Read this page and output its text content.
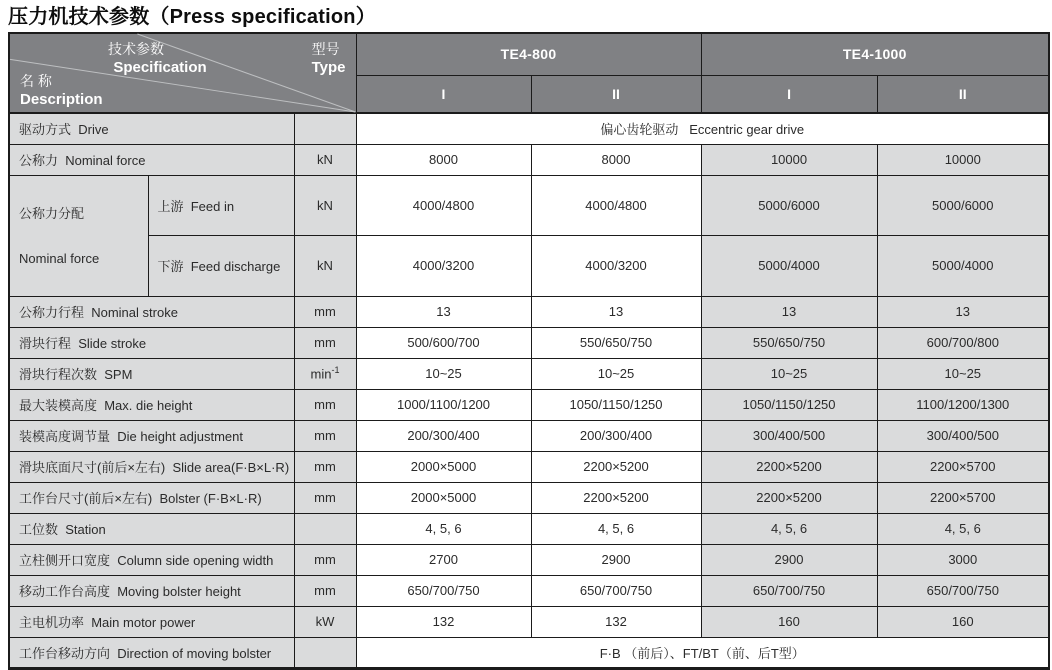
压力机技术参数（Press specification）
技术参数
Specification
型号
Type
名 称
Description
	TE4-800	TE4-1000
			I	II	I	II
驱动方式  Drive			偏心齿轮驱动   Eccentric gear drive			
公称力  Nominal force		kN	8000	8000	10000	10000

公称力分配

Nominal force	上游  Feed in	kN	4000/4800	4000/4800	5000/6000	5000/6000
	下游  Feed discharge	kN	4000/3200	4000/3200	5000/4000	5000/4000
公称力行程  Nominal stroke		mm	13	13	13	13
滑块行程  Slide stroke		mm	500/600/700	550/650/750	550/650/750	600/700/800
滑块行程次数  SPM		$\min^{-1}$	10~25	10~25	10~25	10~25
最大装模高度  Max. die height		mm	1000/1100/1200	1050/1150/1250	1050/1150/1250	1100/1200/1300
装模高度调节量  Die height adjustment		mm	200/300/400	200/300/400	300/400/500	300/400/500
滑块底面尺寸(前后×左右)  Slide area(F·B×L·R)		mm	2000×5000	2200×5200	2200×5200	2200×5700
工作台尺寸(前后×左右)  Bolster (F·B×L·R)		mm	2000×5000	2200×5200	2200×5200	2200×5700
工位数  Station			4, 5, 6	4, 5, 6	4, 5, 6	4, 5, 6
立柱侧开口宽度  Column side opening width		mm	2700	2900	2900	3000
移动工作台高度  Moving bolster height		mm	650/700/750	650/700/750	650/700/750	650/700/750
主电机功率  Main motor power		kW	132	132	160	160
工作台移动方向  Direction of moving bolster			F·B （前后）、FT/BT（前、后T型）			
